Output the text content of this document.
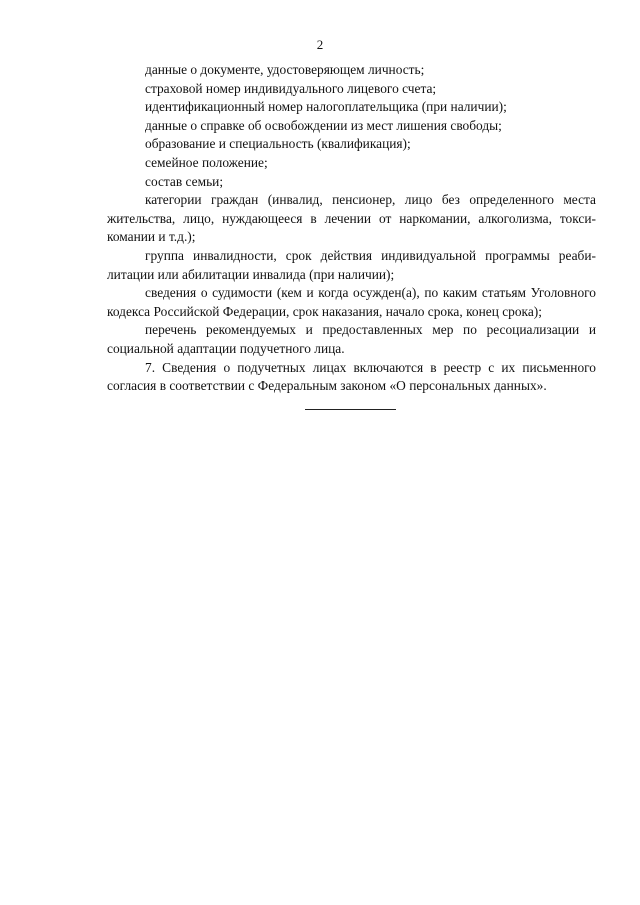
2

данные о документе, удостоверяющем личность;

страховой номер индивидуального лицевого счета;

идентификационный номер налогоплательщика (при наличии);

данные о справке об освобождении из мест лишения свободы;

образование и специальность (квалификация);

семейное положение;

состав семьи;

категории граждан (инвалид, пенсионер, лицо без определенного места жительства, лицо, нуждающееся в лечении от наркомании, алкоголизма, токсикомании и т.д.);

группа инвалидности, срок действия индивидуальной программы реабилитации или абилитации инвалида (при наличии);

сведения о судимости (кем и когда осужден(а), по каким статьям Уголовного кодекса Российской Федерации, срок наказания, начало срока, конец срока);

перечень рекомендуемых и предоставленных мер по ресоциализации и социальной адаптации подучетного лица.

7. Сведения о подучетных лицах включаются в реестр с их письменного согласия в соответствии с Федеральным законом «О персональных данных».
